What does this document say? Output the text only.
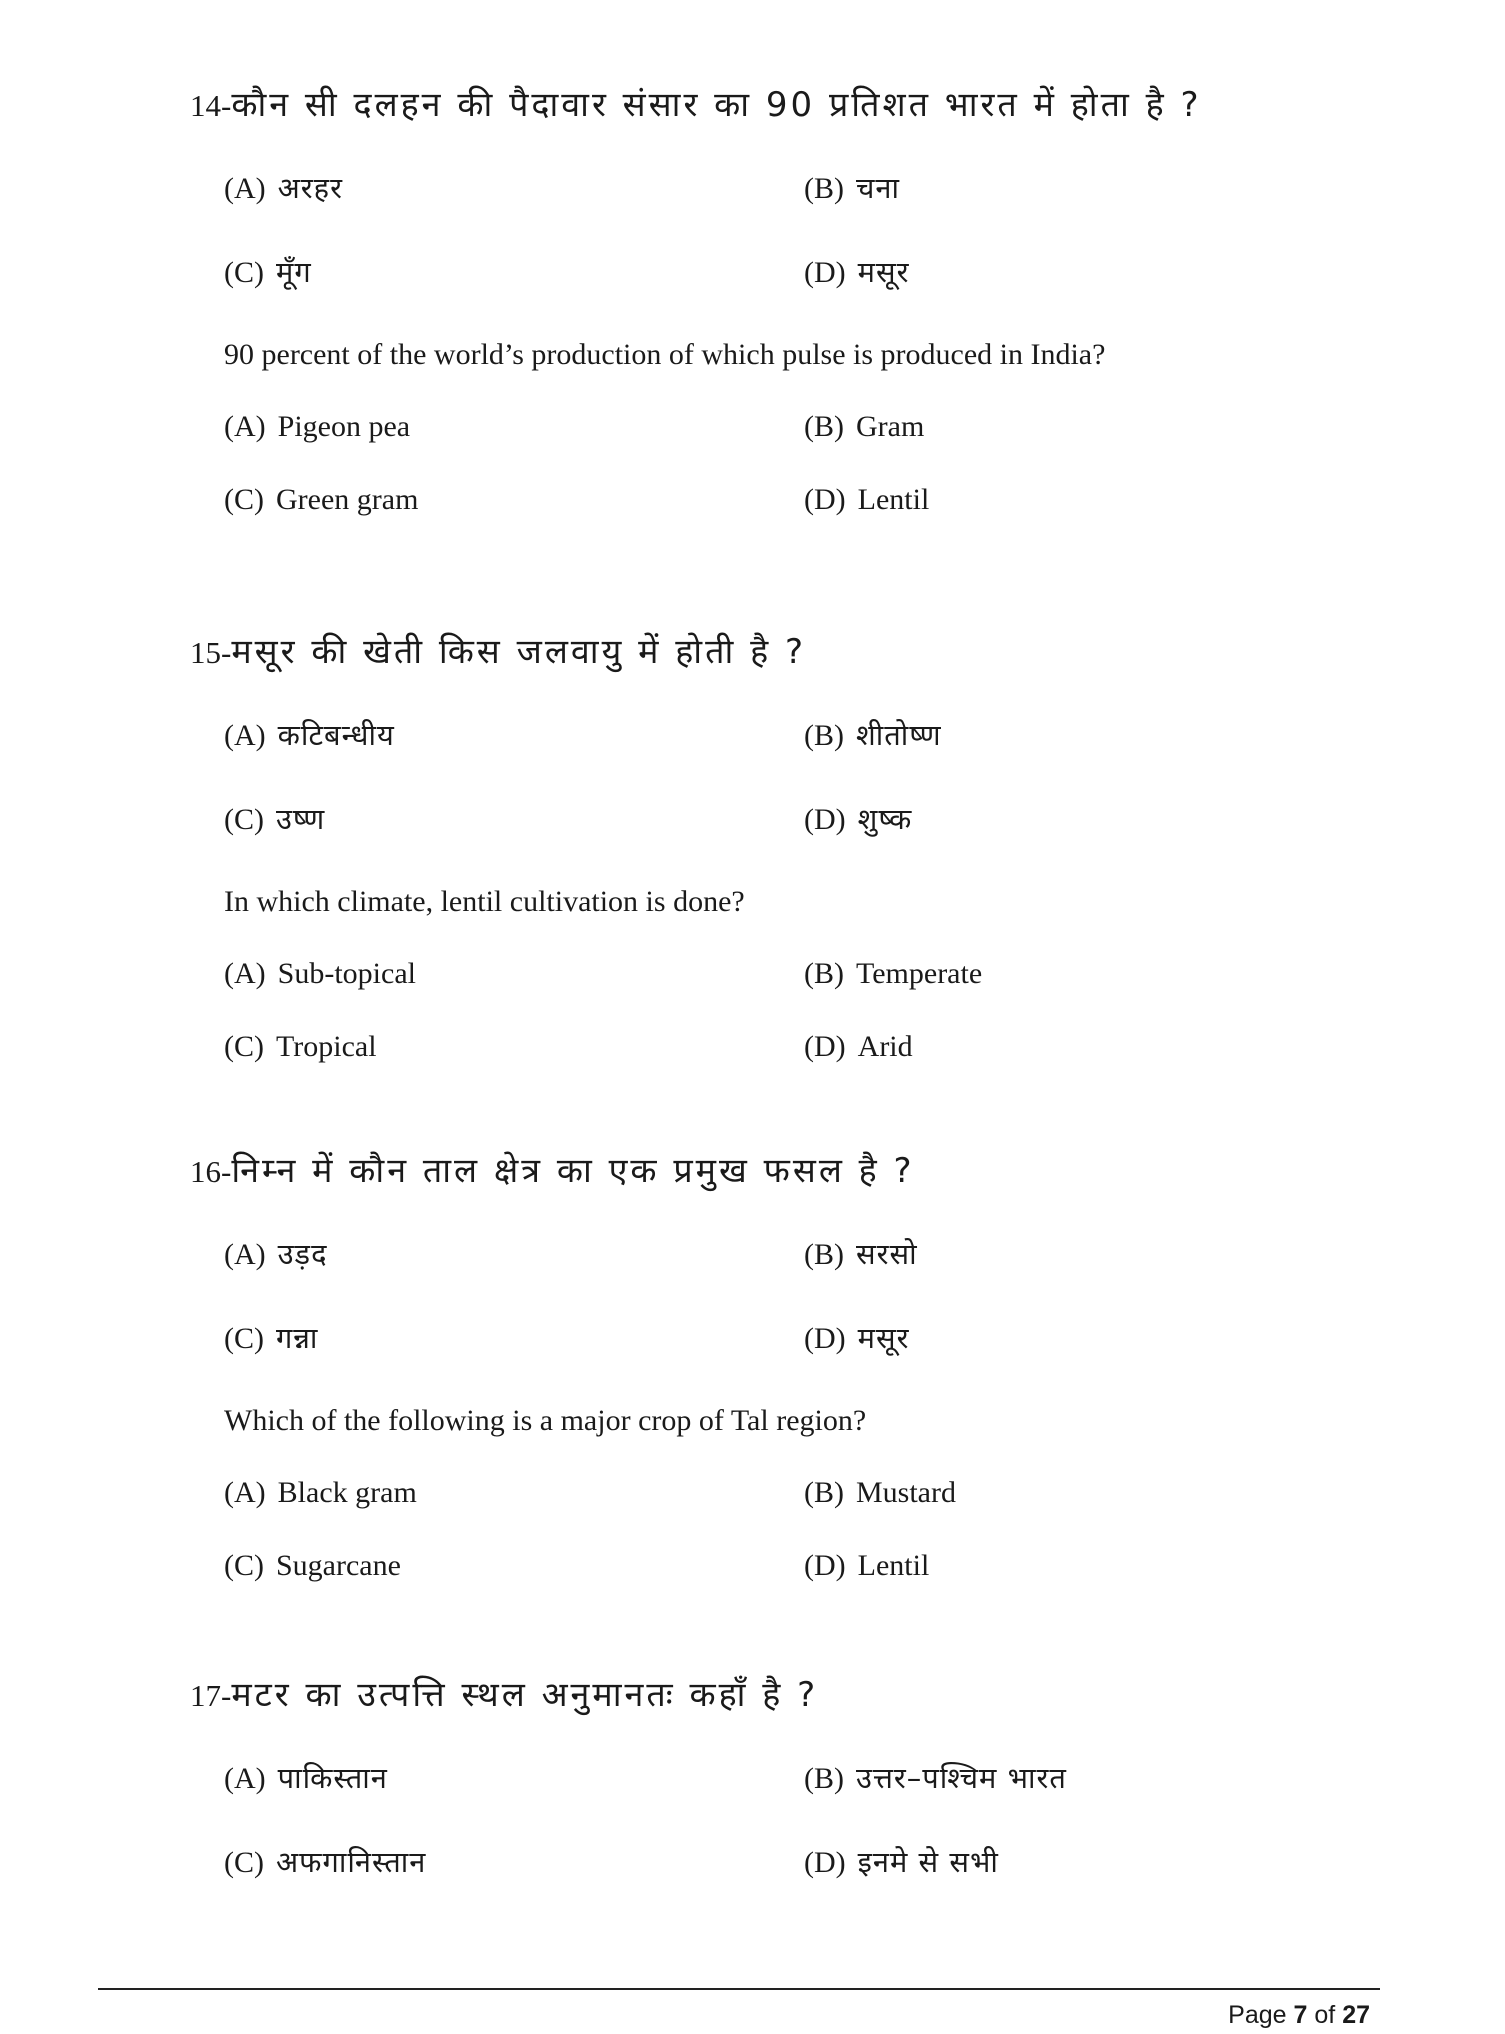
14-कौन सी दलहन की पैदावार संसार का 90 प्रतिशत भारत में होता है ?
(A) अरहर	(B) चना
(C) मूँग	(D) मसूर
90 percent of the world’s production of which pulse is produced in India?
(A) Pigeon pea	(B) Gram
(C) Green gram	(D) Lentil
15-मसूर की खेती किस जलवायु में होती है ?
(A) कटिबन्धीय	(B) शीतोष्ण
(C) उष्ण	(D) शुष्क
In which climate, lentil cultivation is done?
(A) Sub-topical	(B) Temperate
(C) Tropical	(D) Arid
16-निम्न में कौन ताल क्षेत्र का एक प्रमुख फसल है ?
(A) उड़द	(B) सरसो
(C) गन्ना	(D) मसूर
Which of the following is a major crop of Tal region?
(A) Black gram	(B) Mustard
(C) Sugarcane	(D) Lentil
17-मटर का उत्पत्ति स्थल अनुमानतः कहाँ है ?
(A) पाकिस्तान	(B) उत्तर–पश्चिम भारत
(C) अफगानिस्तान	(D) इनमे से सभी
Page 7 of 27
